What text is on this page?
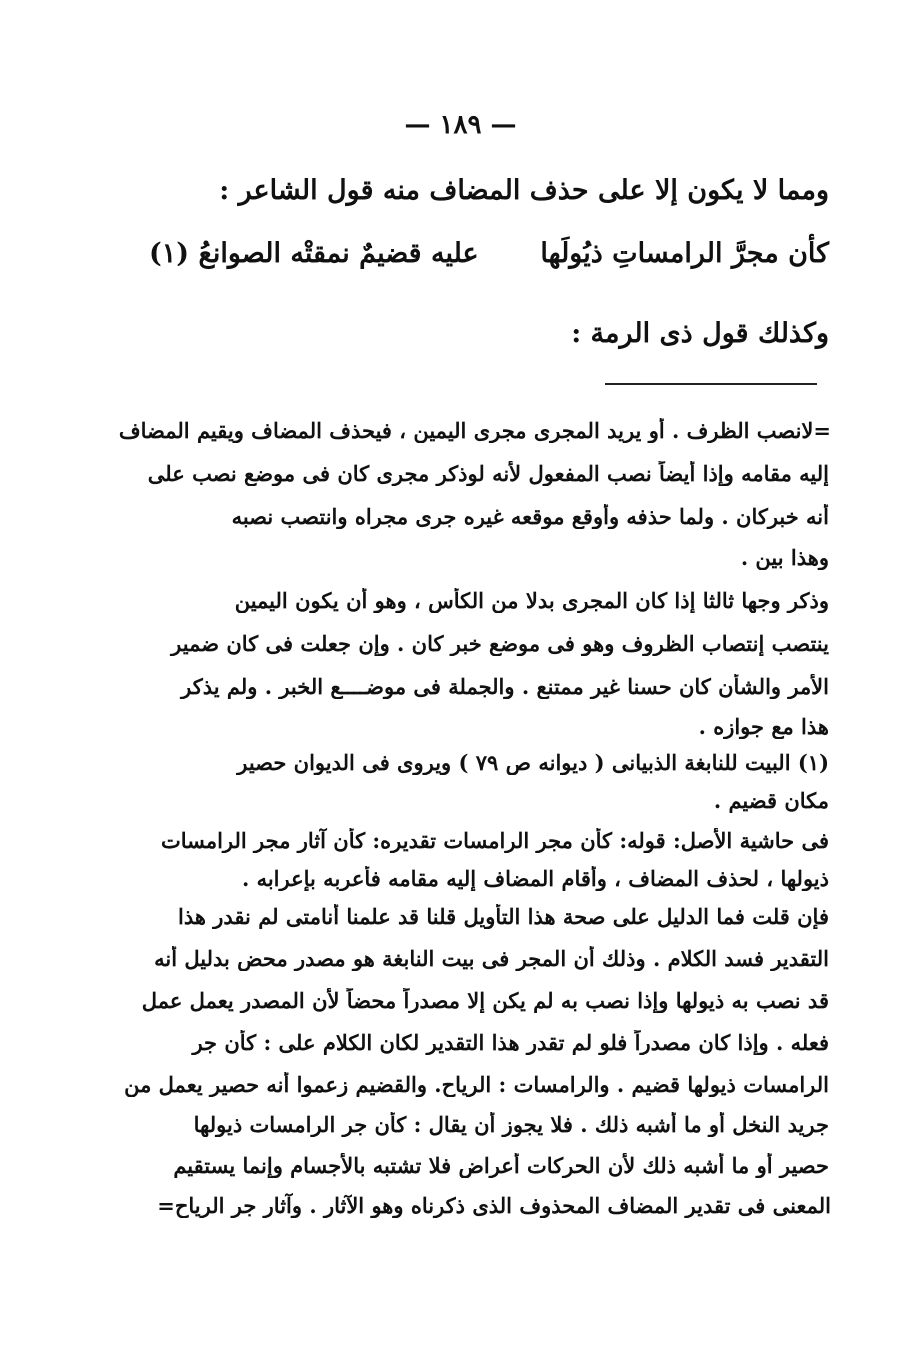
— ١٨٩ —
ومما لا يكون إلا على حذف المضاف منه قول الشاعر :
كأن مجرَّ الرامساتِ ذيُولَها
عليه قضيمٌ نمقتْه الصوانعُ (١)
وكذلك قول ذى الرمة :
=لانصب الظرف . أو يريد المجرى مجرى اليمين ، فيحذف المضاف ويقيم المضاف
إليه مقامه وإذا أيضاً نصب المفعول لأنه لوذكر مجرى كان فى موضع نصب على
أنه خبركان . ولما حذفه وأوقع موقعه غيره جرى مجراه وانتصب نصبه
وهذا بين .
وذكر وجها ثالثا إذا كان المجرى بدلا من الكأس ، وهو أن يكون اليمين
ينتصب إنتصاب الظروف وهو فى موضع خبر كان . وإن جعلت فى كان ضمير
الأمر والشأن كان حسنا غير ممتنع . والجملة فى موضــــع الخبر . ولم يذكر
هذا مع جوازه .
(١) البيت للنابغة الذبيانى ( ديوانه ص ٧٩ ) ويروى فى الديوان حصير
مكان قضيم .
فى حاشية الأصل: قوله: كأن مجر الرامسات تقديره: كأن آثار مجر الرامسات
ذيولها ، لحذف المضاف ، وأقام المضاف إليه مقامه فأعربه بإعرابه .
فإن قلت فما الدليل على صحة هذا التأويل قلنا قد علمنا أنامتى لم نقدر هذا
التقدير فسد الكلام . وذلك أن المجر فى بيت النابغة هو مصدر محض بدليل أنه
قد نصب به ذيولها وإذا نصب به لم يكن إلا مصدراً محضاً لأن المصدر يعمل عمل
فعله . وإذا كان مصدراً فلو لم تقدر هذا التقدير لكان الكلام على : كأن جر
الرامسات ذيولها قضيم . والرامسات : الرياح. والقضيم زعموا أنه حصير يعمل من
جريد النخل أو ما أشبه ذلك . فلا يجوز أن يقال : كأن جر الرامسات ذيولها
حصير أو ما أشبه ذلك لأن الحركات أعراض فلا تشتبه بالأجسام وإنما يستقيم
المعنى فى تقدير المضاف المحذوف الذى ذكرناه وهو الآثار . وآثار جر الرياح=
